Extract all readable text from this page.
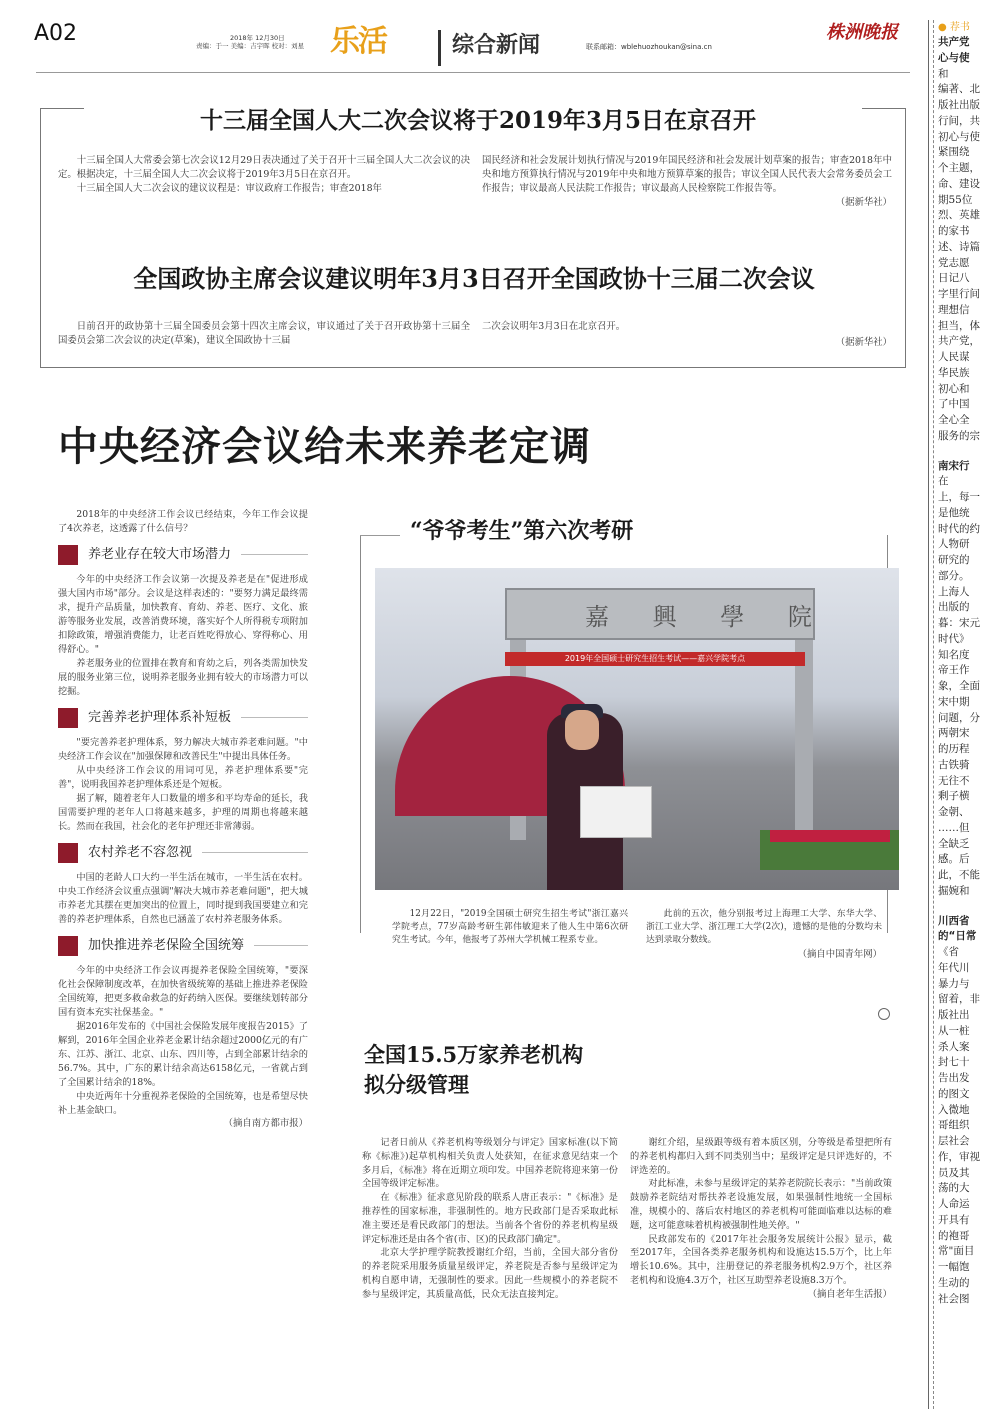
A02	2018年 12月30日
责编：于一 美编：吉宇晖 校对：刘星 乐活	综合新闻	联系邮箱：wblehuozhoukan@sina.cn
株洲晚报
十三届全国人大二次会议将于2019年3月5日在京召开

十三届全国人大常委会第七次会议12月29日表决通过了关于召开十三届全国人大二次会议的决定。根据决定，十三届全国人大二次会议将于2019年3月5日在京召开。

十三届全国人大二次会议的建议议程是：审议政府工作报告；审查2018年

国民经济和社会发展计划执行情况与2019年国民经济和社会发展计划草案的报告；审查2018年中央和地方预算执行情况与2019年中央和地方预算草案的报告；审议全国人民代表大会常务委员会工作报告；审议最高人民法院工作报告；审议最高人民检察院工作报告等。

（据新华社）
全国政协主席会议建议明年3月3日召开全国政协十三届二次会议

日前召开的政协第十三届全国委员会第十四次主席会议，审议通过了关于召开政协第十三届全国委员会第二次会议的决定(草案)，建议全国政协十三届

二次会议明年3月3日在北京召开。

（据新华社）
中央经济会议给未来养老定调

2018年的中央经济工作会议已经结束，今年工作会议提了4次养老，这透露了什么信号？

养老业存在较大市场潜力

今年的中央经济工作会议第一次提及养老是在"促进形成强大国内市场"部分。会议是这样表述的："要努力满足最终需求，提升产品质量，加快教育、育幼、养老、医疗、文化、旅游等服务业发展，改善消费环境，落实好个人所得税专项附加扣除政策，增强消费能力，让老百姓吃得放心、穿得称心、用得舒心。"

养老服务业的位置排在教育和育幼之后，列各类需加快发展的服务业第三位，说明养老服务业拥有较大的市场潜力可以挖掘。

完善养老护理体系补短板

"要完善养老护理体系，努力解决大城市养老难问题。"中央经济工作会议在"加强保障和改善民生"中提出具体任务。

从中央经济工作会议的用词可见，养老护理体系要"完善"，说明我国养老护理体系还是个短板。

据了解，随着老年人口数量的增多和平均寿命的延长，我国需要护理的老年人口将越来越多，护理的周期也将越来越长。然而在我国，社会化的老年护理还非常薄弱。

农村养老不容忽视

中国的老龄人口大约一半生活在城市，一半生活在农村。中央工作经济会议重点强调"解决大城市养老难问题"，把大城市养老尤其摆在更加突出的位置上，同时提到我国要建立和完善的养老护理体系，自然也已涵盖了农村养老服务体系。

加快推进养老保险全国统筹

今年的中央经济工作会议再提养老保险全国统筹，"要深化社会保障制度改革，在加快省级统筹的基础上推进养老保险全国统筹，把更多救命救急的好药纳入医保。要继续划转部分国有资本充实社保基金。"

据2016年发布的《中国社会保险发展年度报告2015》了解到，2016年全国企业养老金累计结余超过2000亿元的有广东、江苏、浙江、北京、山东、四川等，占到全部累计结余的56.7%。其中，广东的累计结余高达6158亿元，一省就占到了全国累计结余的18%。

中央近两年十分重视养老保险的全国统筹，也是希望尽快补上基金缺口。

（摘自南方都市报）
“爷爷考生”第六次考研
嘉 興 學 院
2019年全国硕士研究生招生考试——嘉兴学院考点

12月22日，"2019全国硕士研究生招生考试"浙江嘉兴学院考点，77岁高龄考研生郭伟敏迎来了他人生中第6次研究生考试。今年，他报考了苏州大学机械工程系专业。

此前的五次，他分别报考过上海理工大学、东华大学、浙江工业大学、浙江理工大学(2次)，遗憾的是他的分数均未达到录取分数线。

（摘自中国青年网）
全国15.5万家养老机构
拟分级管理

记者日前从《养老机构等级划分与评定》国家标准(以下简称《标准》)起草机构相关负责人处获知，在征求意见结束一个多月后，《标准》将在近期立项印发。中国养老院将迎来第一份全国等级评定标准。

在《标准》征求意见阶段的联系人唐正表示："《标准》是推荐性的国家标准，非强制性的。地方民政部门是否采取此标准主要还是看民政部门的想法。当前各个省份的养老机构星级评定标准还是由各个省(市、区)的民政部门确定"。

北京大学护理学院教授谢红介绍，当前，全国大部分省份的养老院采用服务质量星级评定，养老院是否参与星级评定为机构自愿申请，无强制性的要求。因此一些规模小的养老院不参与星级评定，其质量高低，民众无法直接判定。

谢红介绍，星级跟等级有着本质区别，分等级是希望把所有的养老机构都归入到不同类别当中；星级评定是只评选好的，不评选差的。

对此标准，未参与星级评定的某养老院院长表示："当前政策鼓励养老院结对帮扶养老设施发展，如果强制性地统一全国标准，规模小的、落后农村地区的养老机构可能面临难以达标的难题，这可能意味着机构被强制性地关停。"

民政部发布的《2017年社会服务发展统计公报》显示，截至2017年，全国各类养老服务机构和设施达15.5万个，比上年增长10.6%。其中，注册登记的养老服务机构2.9万个，社区养老机构和设施4.3万个，社区互助型养老设施8.3万个。

（摘自老年生活报）

● 荐书

共产党

心与使

和

编著、北

版社出版

行间，共

初心与使

紧围绕

个主题，

命、建设

期55位

烈、英雄

的家书

述、诗篇

党志愿

日记八

字里行间

理想信

担当，体

共产党，

人民谋

华民族

初心和

了中国

全心全

服务的宗

南宋行

在

上，每一

是他统

时代的约

人物研

研究的

部分。

上海人

出版的

暮：宋元

时代》

知名度

帝王作

象，全面

宋中期

问题，分

两朝宋

的历程

古铁骑

无往不

剩子横

金朝、

……但

全缺乏

感。后

此，不能

掘婉和

川西省

的“日常

《省

年代川

暴力与

留着，非

版社出

从一桩

杀人案

封七十

告出发

的图文

入微地

哥组织

层社会

作，审视

员及其

荡的大

人命运

开具有

的袍哥

常"面目

一幅饱

生动的

社会图
